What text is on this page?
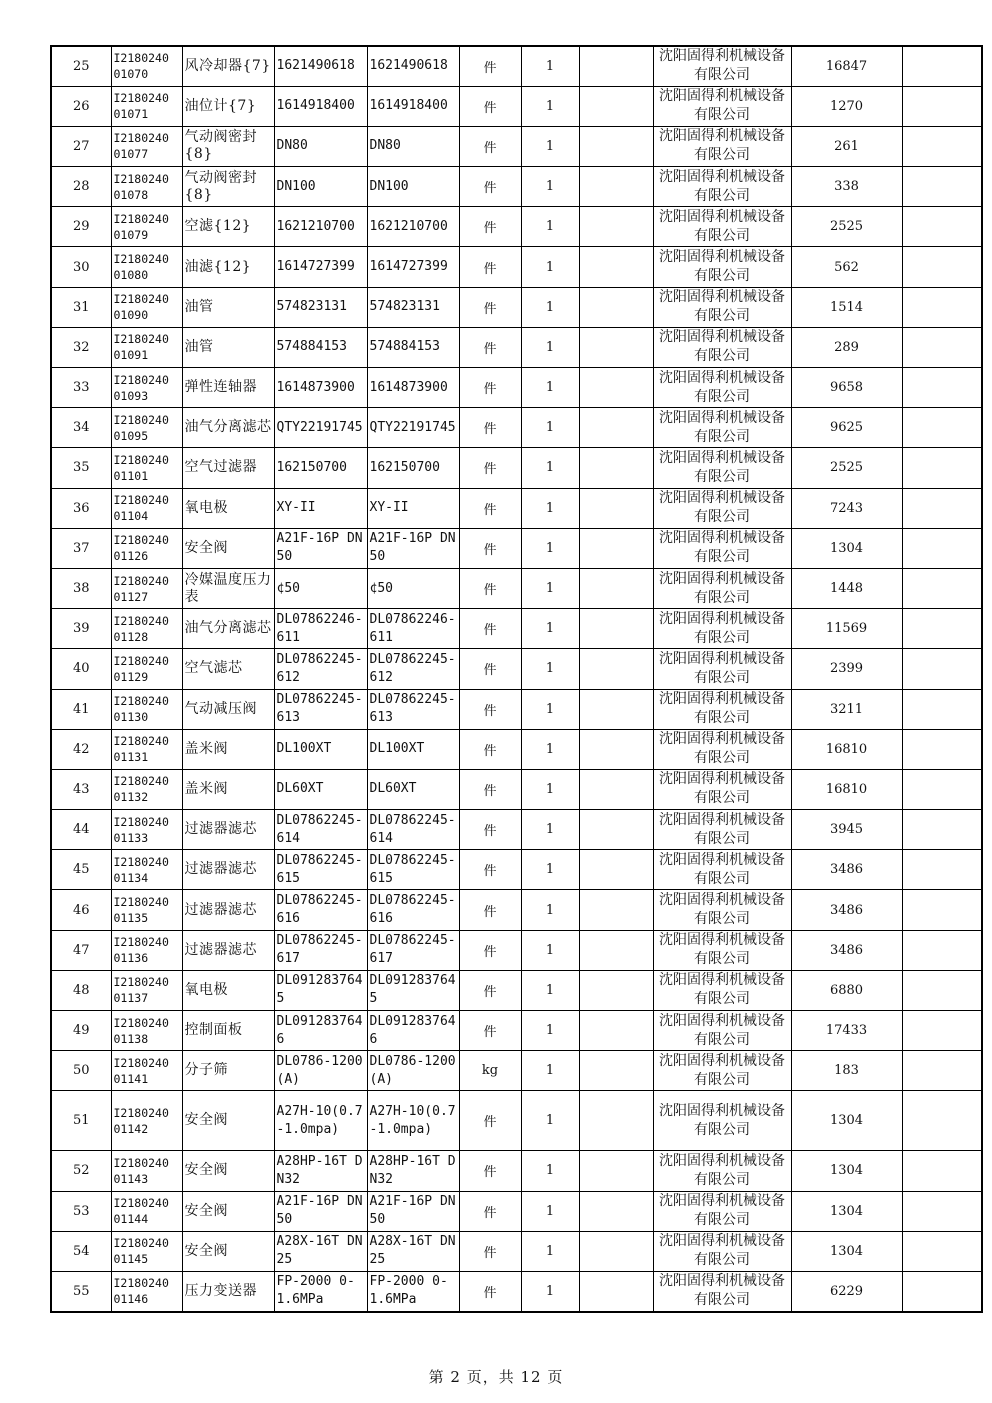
25	I2180240 01070	风冷却器{7}	1621490618	1621490618	件	1		沈阳固得利机械设备有限公司	16847	

26	I2180240 01071	油位计{7}	1614918400	1614918400	件	1		沈阳固得利机械设备有限公司	1270	

27	I2180240 01077	气动阀密封{8}	DN80	DN80	件	1		沈阳固得利机械设备有限公司	261	

28	I2180240 01078	气动阀密封{8}	DN100	DN100	件	1		沈阳固得利机械设备有限公司	338	

29	I2180240 01079	空滤{12}	1621210700	1621210700	件	1		沈阳固得利机械设备有限公司	2525	

30	I2180240 01080	油滤{12}	1614727399	1614727399	件	1		沈阳固得利机械设备有限公司	562	

31	I2180240 01090	油管	574823131	574823131	件	1		沈阳固得利机械设备有限公司	1514	

32	I2180240 01091	油管	574884153	574884153	件	1		沈阳固得利机械设备有限公司	289	

33	I2180240 01093	弹性连轴器	1614873900	1614873900	件	1		沈阳固得利机械设备有限公司	9658	

34	I2180240 01095	油气分离滤芯	QTY22191745	QTY22191745	件	1		沈阳固得利机械设备有限公司	9625	

35	I2180240 01101	空气过滤器	162150700	162150700	件	1		沈阳固得利机械设备有限公司	2525	

36	I2180240 01104	氧电极	XY-II	XY-II	件	1		沈阳固得利机械设备有限公司	7243	

37	I2180240 01126	安全阀	A21F-16P DN50	A21F-16P DN50	件	1		沈阳固得利机械设备有限公司	1304	

38	I2180240 01127	冷媒温度压力表	¢50	¢50	件	1		沈阳固得利机械设备有限公司	1448	

39	I2180240 01128	油气分离滤芯	DL07862246-611	DL07862246-611	件	1		沈阳固得利机械设备有限公司	11569	

40	I2180240 01129	空气滤芯	DL07862245-612	DL07862245-612	件	1		沈阳固得利机械设备有限公司	2399	

41	I2180240 01130	气动减压阀	DL07862245-613	DL07862245-613	件	1		沈阳固得利机械设备有限公司	3211	

42	I2180240 01131	盖米阀	DL100XT	DL100XT	件	1		沈阳固得利机械设备有限公司	16810	

43	I2180240 01132	盖米阀	DL60XT	DL60XT	件	1		沈阳固得利机械设备有限公司	16810	

44	I2180240 01133	过滤器滤芯	DL07862245-614	DL07862245-614	件	1		沈阳固得利机械设备有限公司	3945	

45	I2180240 01134	过滤器滤芯	DL07862245-615	DL07862245-615	件	1		沈阳固得利机械设备有限公司	3486	

46	I2180240 01135	过滤器滤芯	DL07862245-616	DL07862245-616	件	1		沈阳固得利机械设备有限公司	3486	

47	I2180240 01136	过滤器滤芯	DL07862245-617	DL07862245-617	件	1		沈阳固得利机械设备有限公司	3486	

48	I2180240 01137	氧电极	DL0912837645	DL0912837645	件	1		沈阳固得利机械设备有限公司	6880	

49	I2180240 01138	控制面板	DL0912837646	DL0912837646	件	1		沈阳固得利机械设备有限公司	17433	

50	I2180240 01141	分子筛	DL0786-1200(A)	DL0786-1200(A)	kg	1		沈阳固得利机械设备有限公司	183	

51	I2180240 01142	安全阀	A27H-10(0.7-1.0mpa)	A27H-10(0.7-1.0mpa)	件	1		沈阳固得利机械设备有限公司	1304	

52	I2180240 01143	安全阀	A28HP-16T DN32	A28HP-16T DN32	件	1		沈阳固得利机械设备有限公司	1304	

53	I2180240 01144	安全阀	A21F-16P DN50	A21F-16P DN50	件	1		沈阳固得利机械设备有限公司	1304	

54	I2180240 01145	安全阀	A28X-16T DN25	A28X-16T DN25	件	1		沈阳固得利机械设备有限公司	1304	

55	I2180240 01146	压力变送器	FP-2000 0-1.6MPa	FP-2000 0-1.6MPa	件	1		沈阳固得利机械设备有限公司	6229	

第 2 页，共 12 页
